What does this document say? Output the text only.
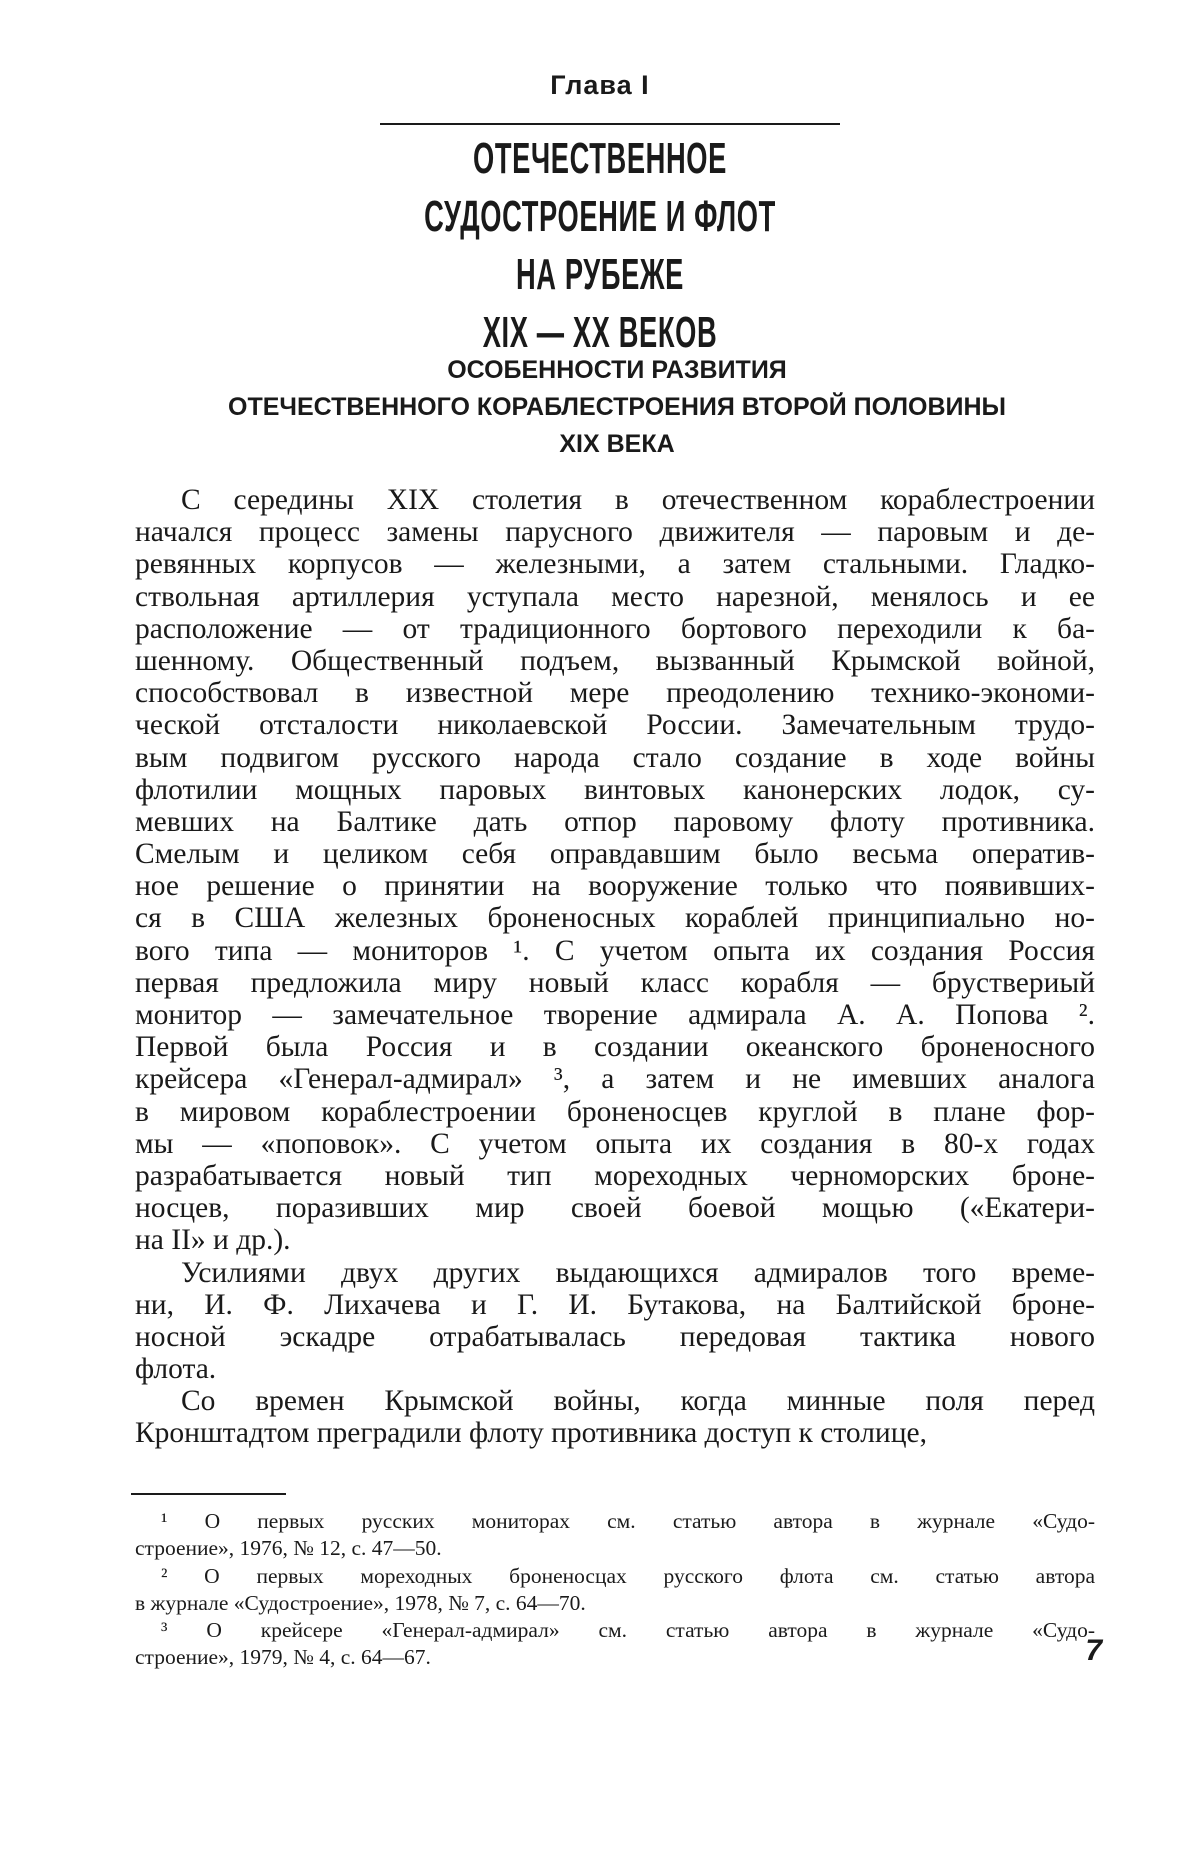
Глава I
ОТЕЧЕСТВЕННОЕ
СУДОСТРОЕНИЕ И ФЛОТ
НА РУБЕЖЕ
XIX — XX ВЕКОВ
ОСОБЕННОСТИ РАЗВИТИЯ
ОТЕЧЕСТВЕННОГО КОРАБЛЕСТРОЕНИЯ ВТОРОЙ ПОЛОВИНЫ
XIX ВЕКА
С середины XIX столетия в отечественном кораблестроении
начался процесс замены парусного движителя — паровым и де-
ревянных корпусов — железными, а затем стальными. Гладко-
ствольная артиллерия уступала место нарезной, менялось и ее
расположение — от традиционного бортового переходили к ба-
шенному. Общественный подъем, вызванный Крымской войной,
способствовал в известной мере преодолению технико-экономи-
ческой отсталости николаевской России. Замечательным трудо-
вым подвигом русского народа стало создание в ходе войны
флотилии мощных паровых винтовых канонерских лодок, су-
мевших на Балтике дать отпор паровому флоту противника.
Смелым и целиком себя оправдавшим было весьма оператив-
ное решение о принятии на вооружение только что появивших-
ся в США железных броненосных кораблей принципиально но-
вого типа — мониторов ¹. С учетом опыта их создания Россия
первая предложила миру новый класс корабля — бруствериый
монитор — замечательное творение адмирала А. А. Попова ².
Первой была Россия и в создании океанского броненосного
крейсера «Генерал-адмирал» ³, а затем и не имевших аналога
в мировом кораблестроении броненосцев круглой в плане фор-
мы — «поповок». С учетом опыта их создания в 80-х годах
разрабатывается новый тип мореходных черноморских броне-
носцев, поразивших мир своей боевой мощью («Екатери-
на II» и др.).
Усилиями двух других выдающихся адмиралов того време-
ни, И. Ф. Лихачева и Г. И. Бутакова, на Балтийской броне-
носной эскадре отрабатывалась передовая тактика нового
флота.
Со времен Крымской войны, когда минные поля перед
Кронштадтом преградили флоту противника доступ к столице,
¹ О первых русских мониторах см. статью автора в журнале «Судо-
строение», 1976, № 12, с. 47—50.
² О первых мореходных броненосцах русского флота см. статью автора
в журнале «Судостроение», 1978, № 7, с. 64—70.
³ О крейсере «Генерал-адмирал» см. статью автора в журнале «Судо-
строение», 1979, № 4, с. 64—67.	7
